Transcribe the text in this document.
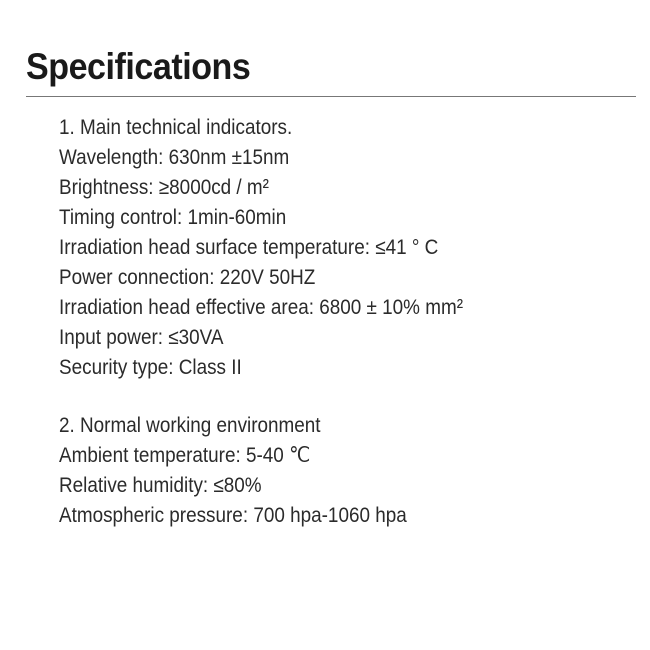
Specifications
1. Main technical indicators.
Wavelength: 630nm ±15nm
Brightness: ≥8000cd / m²
Timing control: 1min-60min
Irradiation head surface temperature: ≤41 ° C
Power connection: 220V 50HZ
Irradiation head effective area: 6800 ± 10% mm²
Input power: ≤30VA
Security type: Class II
2. Normal working environment
Ambient temperature: 5-40 ℃
Relative humidity: ≤80%
Atmospheric pressure: 700 hpa-1060 hpa
